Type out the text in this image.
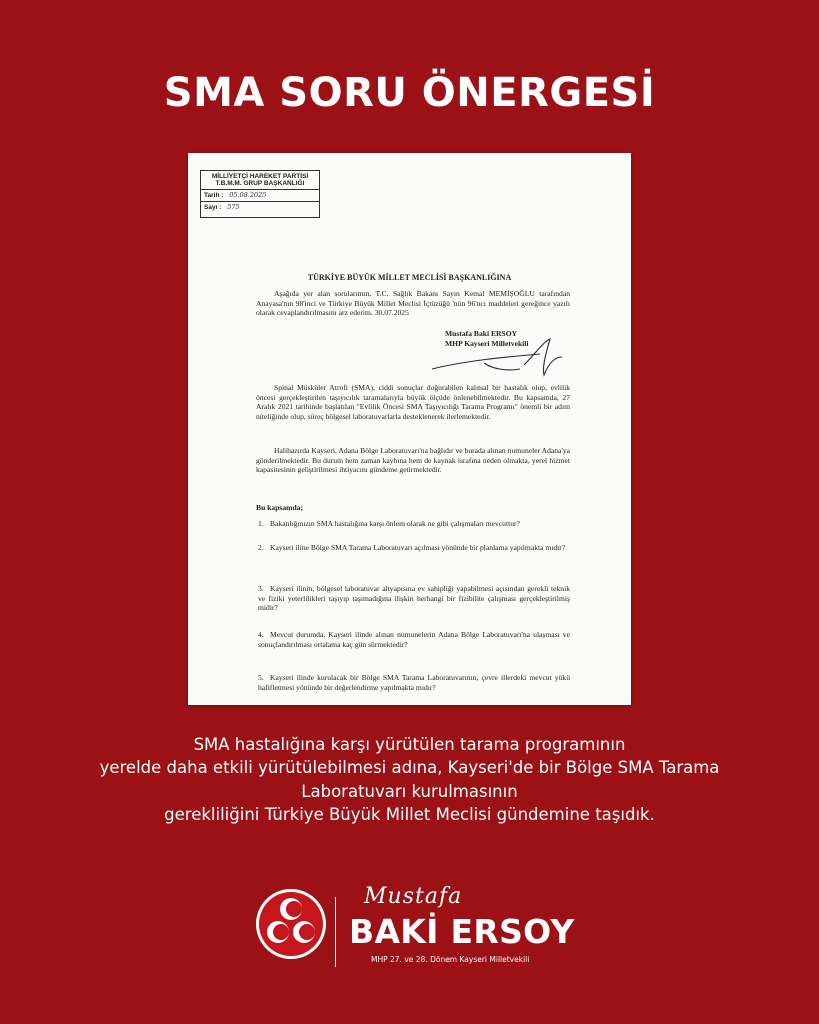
SMA SORU ÖNERGESİ
MİLLİYETÇİ HAREKET PARTİSİ
T.B.M.M. GRUP BAŞKANLIĞI
Tarih : 05.08.2025
Sayı : 575
TÜRKİYE BÜYÜK MİLLET MECLİSİ BAŞKANLIĞINA
Aşağıda yer alan sorularımın, T.C. Sağlık Bakanı Sayın Kemal MEMİŞOĞLU tarafından Anayasa'nın 98'inci ve Türkiye Büyük Millet Meclisi İçtüzüğü 'nün 96'ncı maddeleri gereğince yazılı olarak cevaplandırılmasını arz ederim. 30.07.2025
Mustafa Baki ERSOY
MHP Kayseri Milletvekili
Spinal Müsküler Atrofi (SMA), ciddi sonuçlar doğurabilen kalıtsal bir hastalık olup, evlilik öncesi gerçekleştirilen taşıyıcılık taramalarıyla büyük ölçüde önlenebilmektedir. Bu kapsamda, 27 Aralık 2021 tarihinde başlatılan "Evlilik Öncesi SMA Taşıyıcılığı Tarama Programı" önemli bir adım niteliğinde olup, süreç bölgesel laboratuvarlarla desteklenerek ilerlemektedir.
Halihazırda Kayseri, Adana Bölge Laboratuvarı'na bağlıdır ve burada alınan numuneler Adana'ya gönderilmektedir. Bu durum hem zaman kaybına hem de kaynak israfına neden olmakta, yerel hizmet kapasitesinin geliştirilmesi ihtiyacını gündeme getirmektedir.
Bu kapsamda;
1. Bakanlığınızın SMA hastalığına karşı önlem olarak ne gibi çalışmaları mevcuttur?
2. Kayseri iline Bölge SMA Tarama Laboratuvarı açılması yönünde bir planlama yapılmakta mıdır?
3. Kayseri ilinin, bölgesel laboratuvar altyapısına ev sahipliği yapabilmesi açısından gerekli teknik ve fiziki yeterlilikleri taşıyıp taşımadığına ilişkin herhangi bir fizibilite çalışması gerçekleştirilmiş midir?
4. Mevcut durumda, Kayseri ilinde alınan numunelerin Adana Bölge Laboratuvarı'na ulaşması ve sonuçlandırılması ortalama kaç gün sürmektedir?
5. Kayseri ilinde kurulacak bir Bölge SMA Tarama Laboratuvarının, çevre illerdeki mevcut yükü hafifletmesi yönünde bir değerlendirme yapılmakta mıdır?
SMA hastalığına karşı yürütülen tarama programının
yerelde daha etkili yürütülebilmesi adına, Kayseri'de bir Bölge SMA Tarama
Laboratuvarı kurulmasının
gerekliliğini Türkiye Büyük Millet Meclisi gündemine taşıdık.
Mustafa
BAKİ ERSOY
MHP 27. ve 28. Dönem Kayseri Milletvekili
